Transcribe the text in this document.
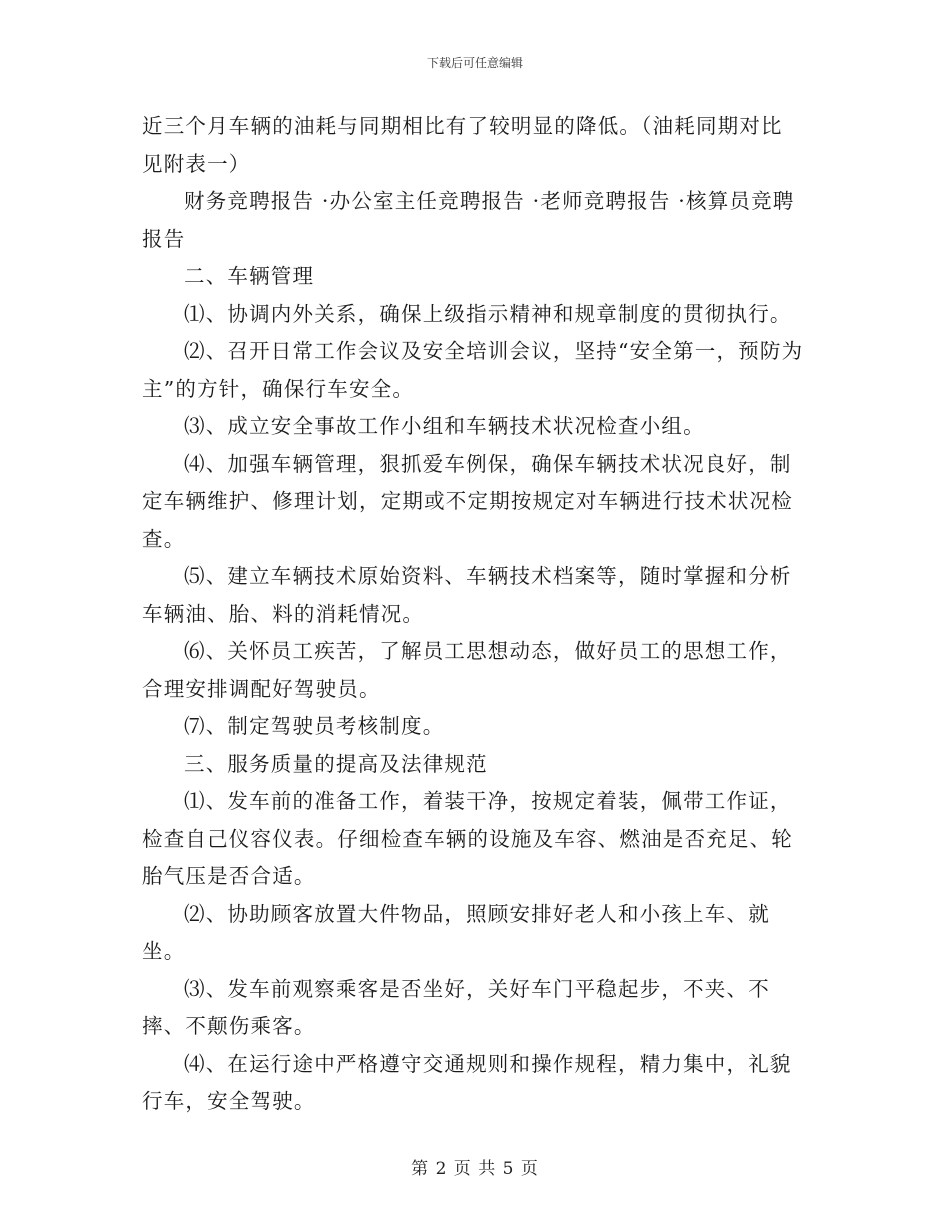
下载后可任意编辑

近三个月车辆的油耗与同期相比有了较明显的降低。（油耗同期对比见附表一）

财务竞聘报告 ·办公室主任竞聘报告 ·老师竞聘报告 ·核算员竞聘报告

二、车辆管理

⑴、协调内外关系，确保上级指示精神和规章制度的贯彻执行。

⑵、召开日常工作会议及安全培训会议，坚持“安全第一，预防为主”的方针，确保行车安全。

⑶、成立安全事故工作小组和车辆技术状况检查小组。

⑷、加强车辆管理，狠抓爱车例保，确保车辆技术状况良好，制定车辆维护、修理计划，定期或不定期按规定对车辆进行技术状况检查。

⑸、建立车辆技术原始资料、车辆技术档案等，随时掌握和分析车辆油、胎、料的消耗情况。

⑹、关怀员工疾苦，了解员工思想动态，做好员工的思想工作，合理安排调配好驾驶员。

⑺、制定驾驶员考核制度。

三、服务质量的提高及法律规范

⑴、发车前的准备工作，着装干净，按规定着装，佩带工作证，检查自己仪容仪表。仔细检查车辆的设施及车容、燃油是否充足、轮胎气压是否合适。

⑵、协助顾客放置大件物品，照顾安排好老人和小孩上车、就坐。

⑶、发车前观察乘客是否坐好，关好车门平稳起步，不夹、不摔、不颠伤乘客。

⑷、在运行途中严格遵守交通规则和操作规程，精力集中，礼貌行车，安全驾驶。

第 2 页 共 5 页
